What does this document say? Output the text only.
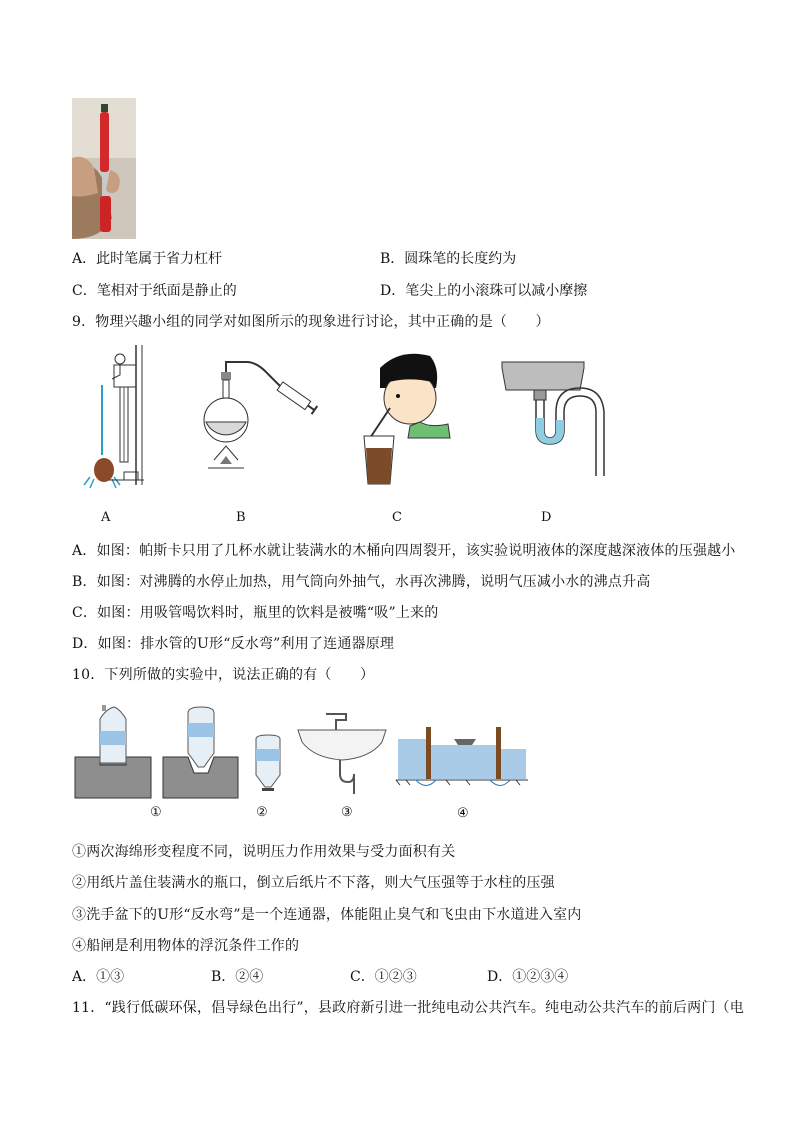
A．此时笔属于省力杠杆	B．圆珠笔的长度约为
C．笔相对于纸面是静止的	D．笔尖上的小滚珠可以减小摩擦
9．物理兴趣小组的同学对如图所示的现象进行讨论，其中正确的是（　　）
A	B	C	D
A．如图：帕斯卡只用了几杯水就让装满水的木桶向四周裂开，该实验说明液体的深度越深液体的压强越小
B．如图：对沸腾的水停止加热，用气筒向外抽气，水再次沸腾，说明气压减小水的沸点升高
C．如图：用吸管喝饮料时，瓶里的饮料是被嘴“吸”上来的
D．如图：排水管的U形“反水弯”利用了连通器原理
10．下列所做的实验中，说法正确的有（　　）
①	②	③	④
①两次海绵形变程度不同，说明压力作用效果与受力面积有关
②用纸片盖住装满水的瓶口，倒立后纸片不下落，则大气压强等于水柱的压强
③洗手盆下的U形“反水弯”是一个连通器，体能阻止臭气和飞虫由下水道进入室内
④船闸是利用物体的浮沉条件工作的
A．①③	B．②④	C．①②③	D．①②③④
11．“践行低碳环保，倡导绿色出行”，县政府新引进一批纯电动公共汽车。纯电动公共汽车的前后两门（电
